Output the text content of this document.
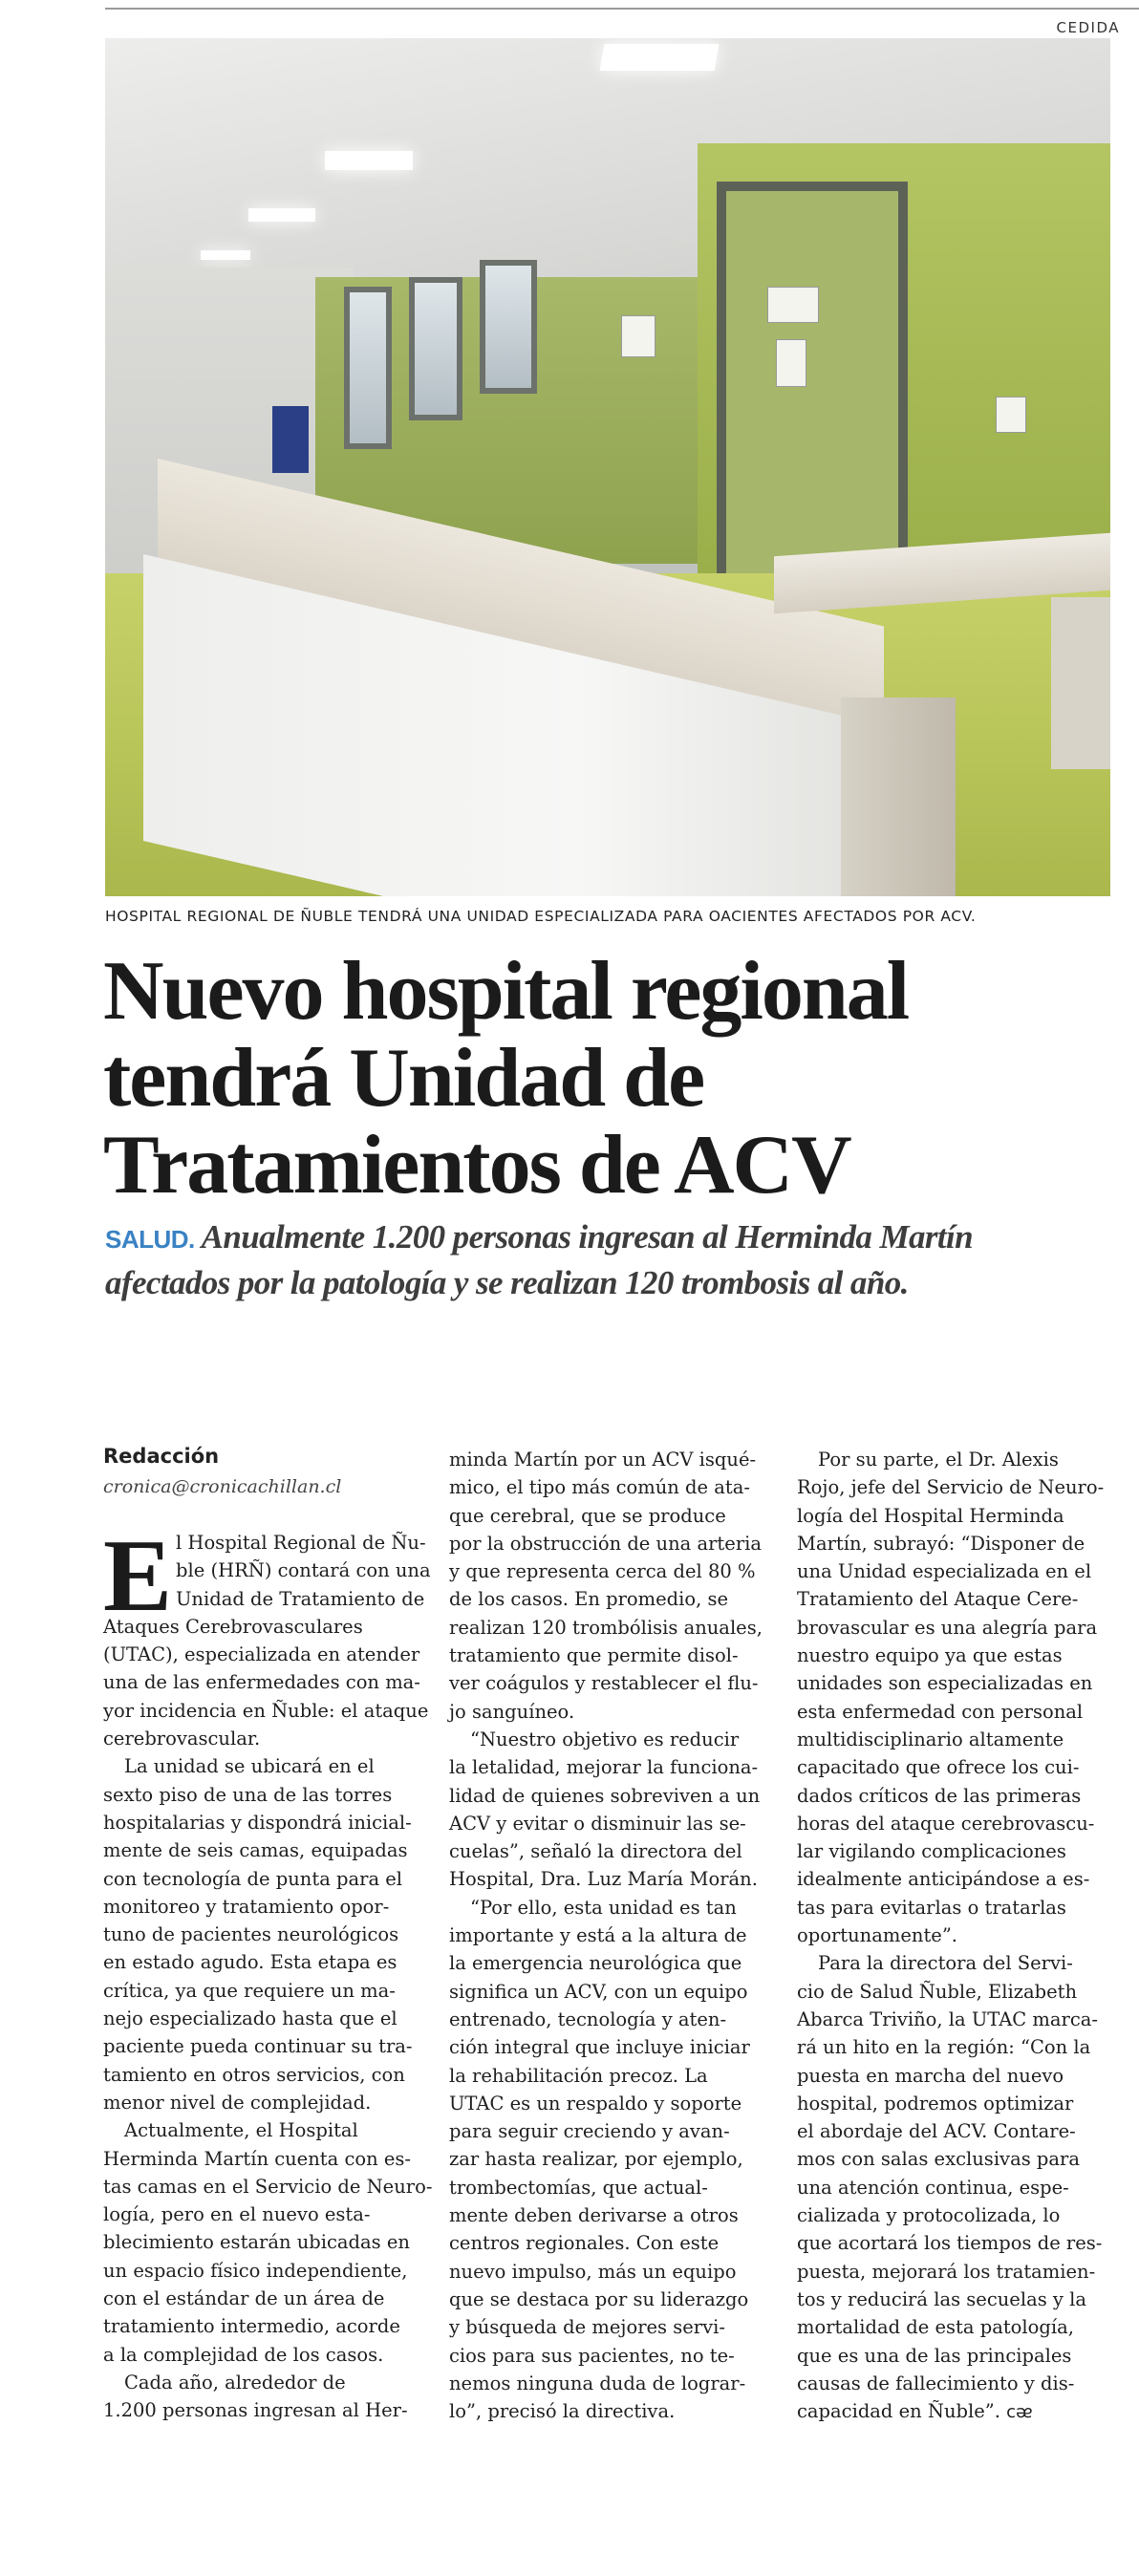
CEDIDA
HOSPITAL REGIONAL DE ÑUBLE TENDRÁ UNA UNIDAD ESPECIALIZADA PARA OACIENTES AFECTADOS POR ACV.
Nuevo hospital regional
tendrá Unidad de
Tratamientos de ACV
SALUD. Anualmente 1.200 personas ingresan al Herminda Martín
afectados por la patología y se realizan 120 trombosis al año.
Redacción
cronica@cronicachillan.cl
E l Hospital Regional de Ñu-
ble (HRÑ) contará con una
Unidad de Tratamiento de
Ataques Cerebrovasculares
(UTAC), especializada en atender
una de las enfermedades con ma-
yor incidencia en Ñuble: el ataque
cerebrovascular.
La unidad se ubicará en el
sexto piso de una de las torres
hospitalarias y dispondrá inicial-
mente de seis camas, equipadas
con tecnología de punta para el
monitoreo y tratamiento opor-
tuno de pacientes neurológicos
en estado agudo. Esta etapa es
crítica, ya que requiere un ma-
nejo especializado hasta que el
paciente pueda continuar su tra-
tamiento en otros servicios, con
menor nivel de complejidad.
Actualmente, el Hospital
Herminda Martín cuenta con es-
tas camas en el Servicio de Neuro-
logía, pero en el nuevo esta-
blecimiento estarán ubicadas en
un espacio físico independiente,
con el estándar de un área de
tratamiento intermedio, acorde
a la complejidad de los casos.
Cada año, alrededor de
1.200 personas ingresan al Her-
minda Martín por un ACV isqué-
mico, el tipo más común de ata-
que cerebral, que se produce
por la obstrucción de una arteria
y que representa cerca del 80 %
de los casos. En promedio, se
realizan 120 trombólisis anuales,
tratamiento que permite disol-
ver coágulos y restablecer el flu-
jo sanguíneo.
“Nuestro objetivo es reducir
la letalidad, mejorar la funciona-
lidad de quienes sobreviven a un
ACV y evitar o disminuir las se-
cuelas”, señaló la directora del
Hospital, Dra. Luz María Morán.
“Por ello, esta unidad es tan
importante y está a la altura de
la emergencia neurológica que
significa un ACV, con un equipo
entrenado, tecnología y aten-
ción integral que incluye iniciar
la rehabilitación precoz. La
UTAC es un respaldo y soporte
para seguir creciendo y avan-
zar hasta realizar, por ejemplo,
trombectomías, que actual-
mente deben derivarse a otros
centros regionales. Con este
nuevo impulso, más un equipo
que se destaca por su liderazgo
y búsqueda de mejores servi-
cios para sus pacientes, no te-
nemos ninguna duda de lograr-
lo”, precisó la directiva.
Por su parte, el Dr. Alexis
Rojo, jefe del Servicio de Neuro-
logía del Hospital Herminda
Martín, subrayó: “Disponer de
una Unidad especializada en el
Tratamiento del Ataque Cere-
brovascular es una alegría para
nuestro equipo ya que estas
unidades son especializadas en
esta enfermedad con personal
multidisciplinario altamente
capacitado que ofrece los cui-
dados críticos de las primeras
horas del ataque cerebrovascu-
lar vigilando complicaciones
idealmente anticipándose a es-
tas para evitarlas o tratarlas
oportunamente”.
Para la directora del Servi-
cio de Salud Ñuble, Elizabeth
Abarca Triviño, la UTAC marca-
rá un hito en la región: “Con la
puesta en marcha del nuevo
hospital, podremos optimizar
el abordaje del ACV. Contare-
mos con salas exclusivas para
una atención continua, espe-
cializada y protocolizada, lo
que acortará los tiempos de res-
puesta, mejorará los tratamien-
tos y reducirá las secuelas y la
mortalidad de esta patología,
que es una de las principales
causas de fallecimiento y dis-
capacidad en Ñuble”. ᴄᴂ
